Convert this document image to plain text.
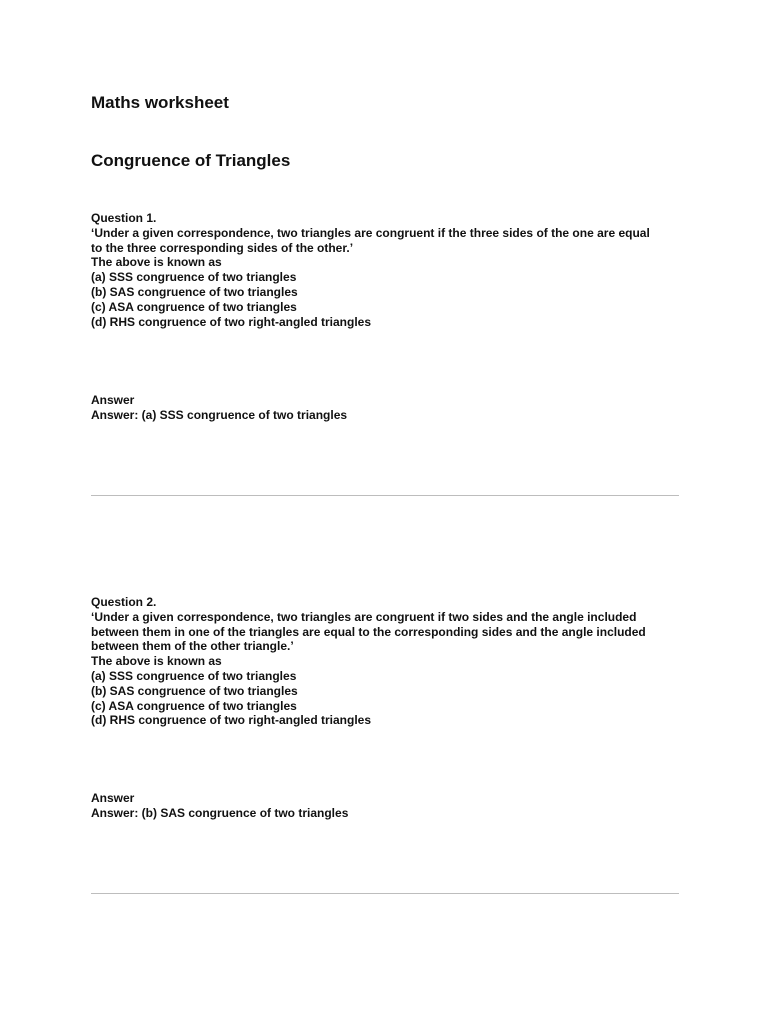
Maths worksheet
Congruence of Triangles
Question 1.
‘Under a given correspondence, two triangles are congruent if the three sides of the one are equal
to the three corresponding sides of the other.’
The above is known as
(a) SSS congruence of two triangles
(b) SAS congruence of two triangles
(c) ASA congruence of two triangles
(d) RHS congruence of two right-angled triangles
Answer
Answer: (a) SSS congruence of two triangles
Question 2.
‘Under a given correspondence, two triangles are congruent if two sides and the angle included
between them in one of the triangles are equal to the corresponding sides and the angle included
between them of the other triangle.’
The above is known as
(a) SSS congruence of two triangles
(b) SAS congruence of two triangles
(c) ASA congruence of two triangles
(d) RHS congruence of two right-angled triangles
Answer
Answer: (b) SAS congruence of two triangles
